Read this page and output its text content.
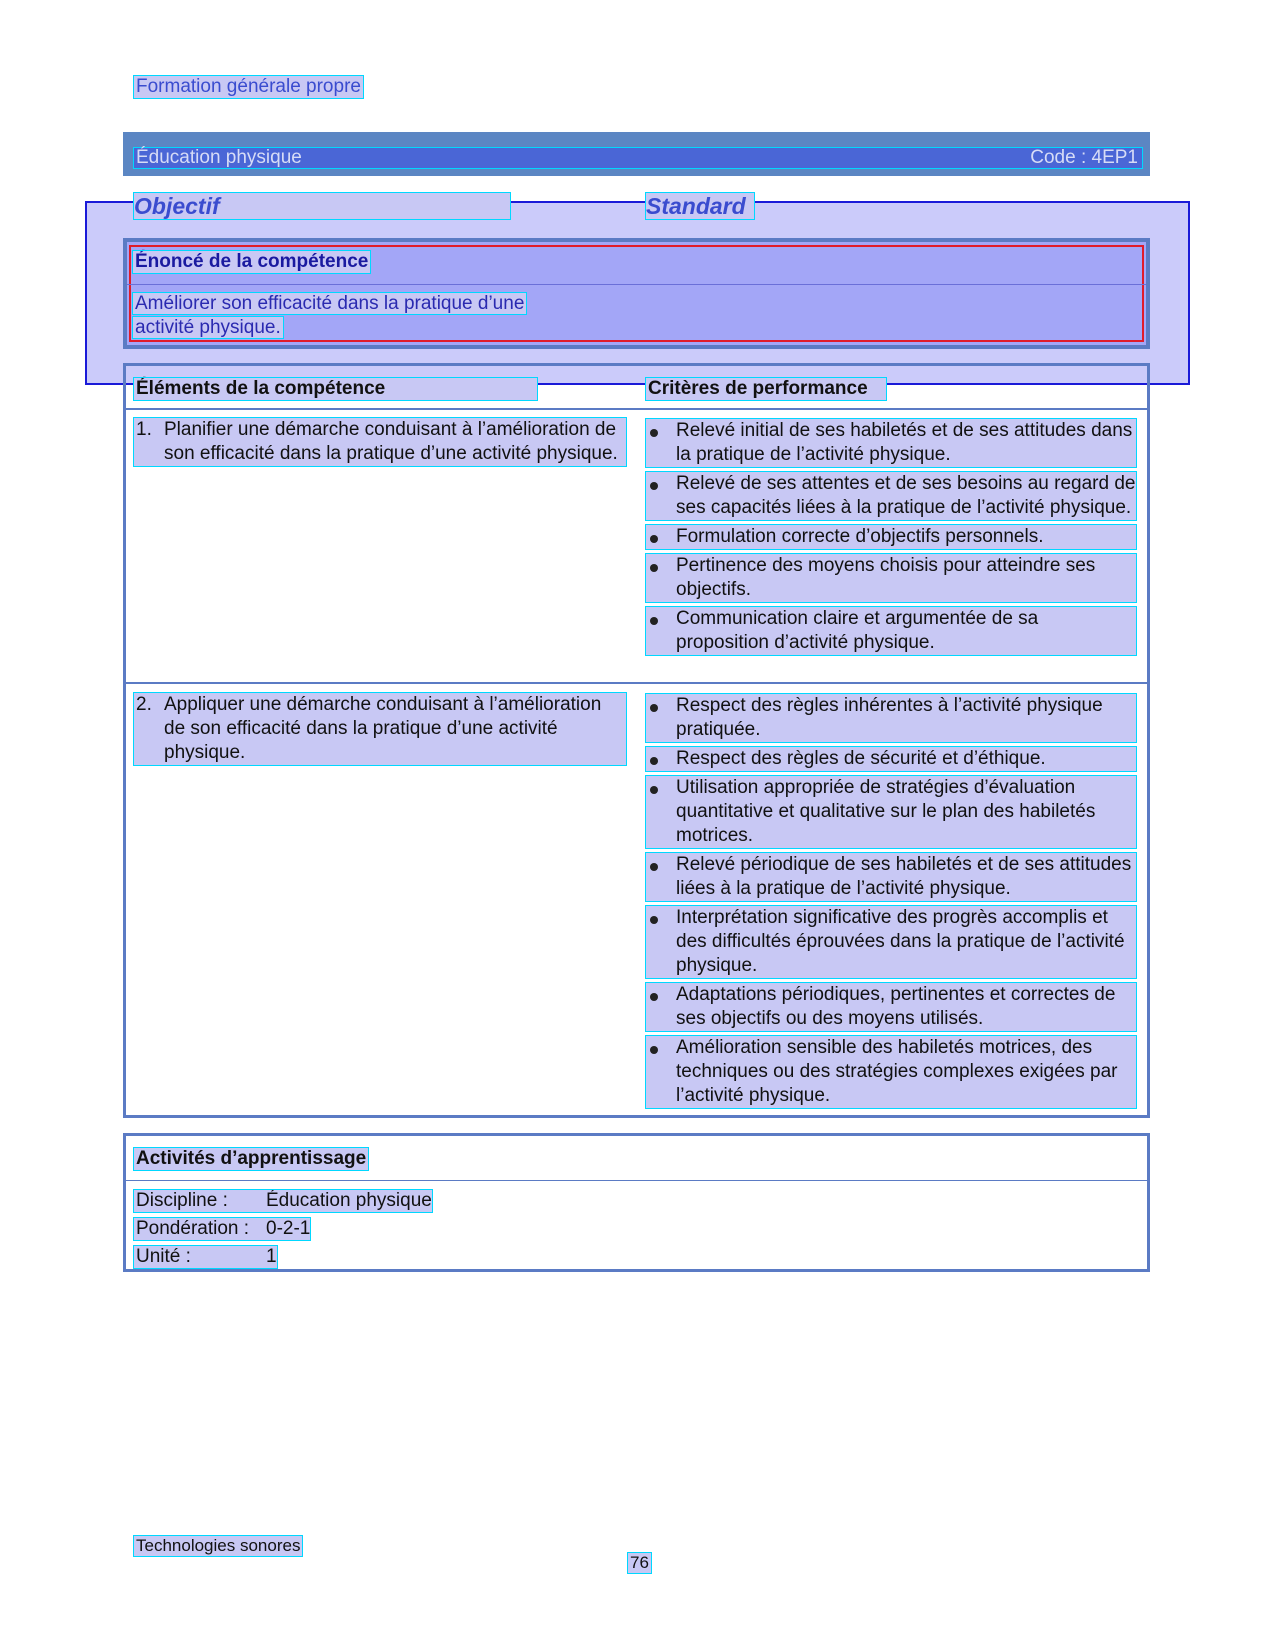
Formation générale propre
Éducation physique	Code : 4EP1
Objectif	Standard
Énoncé de la compétence
Améliorer son efficacité dans la pratique d’une
activité physique.
Éléments de la compétence	Critères de performance
1. Planifier une démarche conduisant à l’amélioration de son efficacité dans la pratique d’une activité physique.
Relevé initial de ses habiletés et de ses attitudes dans la pratique de l’activité physique.
Relevé de ses attentes et de ses besoins au regard de ses capacités liées à la pratique de l’activité physique.
Formulation correcte d’objectifs personnels.
Pertinence des moyens choisis pour atteindre ses objectifs.
Communication claire et argumentée de sa proposition d’activité physique.
2. Appliquer une démarche conduisant à l’amélioration de son efficacité dans la pratique d’une activité physique.
Respect des règles inhérentes à l’activité physique pratiquée.
Respect des règles de sécurité et d’éthique.
Utilisation appropriée de stratégies d’évaluation quantitative et qualitative sur le plan des habiletés motrices.
Relevé périodique de ses habiletés et de ses attitudes liées à la pratique de l’activité physique.
Interprétation significative des progrès accomplis et des difficultés éprouvées dans la pratique de l’activité physique.
Adaptations périodiques, pertinentes et correctes de ses objectifs ou des moyens utilisés.
Amélioration sensible des habiletés motrices, des techniques ou des stratégies complexes exigées par l’activité physique.
Activités d’apprentissage
Discipline : Éducation physique
Pondération : 0-2-1
Unité :	1
Technologies sonores
76
